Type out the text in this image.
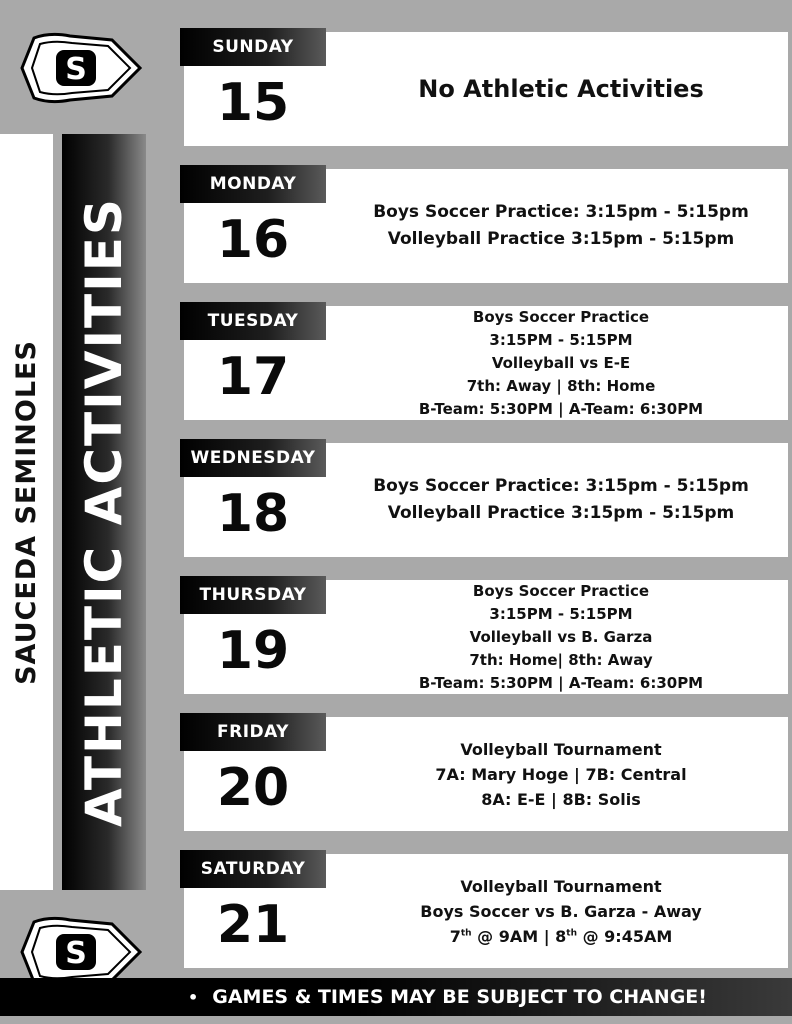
SAUCEDA SEMINOLES ATHLETIC ACTIVITIES
S
S
SUNDAY
15	No Athletic Activities
MONDAY
16	Boys Soccer Practice: 3:15pm - 5:15pm
Volleyball Practice 3:15pm - 5:15pm
TUESDAY
17
Boys Soccer Practice
3:15PM - 5:15PM
Volleyball vs E-E
7th: Away | 8th: Home
B-Team: 5:30PM | A-Team: 6:30PM
WEDNESDAY
18	Boys Soccer Practice: 3:15pm - 5:15pm
Volleyball Practice 3:15pm - 5:15pm
THURSDAY
19
Boys Soccer Practice
3:15PM - 5:15PM
Volleyball vs B. Garza
7th: Home| 8th: Away
B-Team: 5:30PM | A-Team: 6:30PM
FRIDAY
20
Volleyball Tournament
7A: Mary Hoge | 7B: Central
8A: E-E | 8B: Solis
SATURDAY
21
Volleyball Tournament
Boys Soccer vs B. Garza - Away
7th @ 9AM | 8th @ 9:45AM
• GAMES & TIMES MAY BE SUBJECT TO CHANGE!
